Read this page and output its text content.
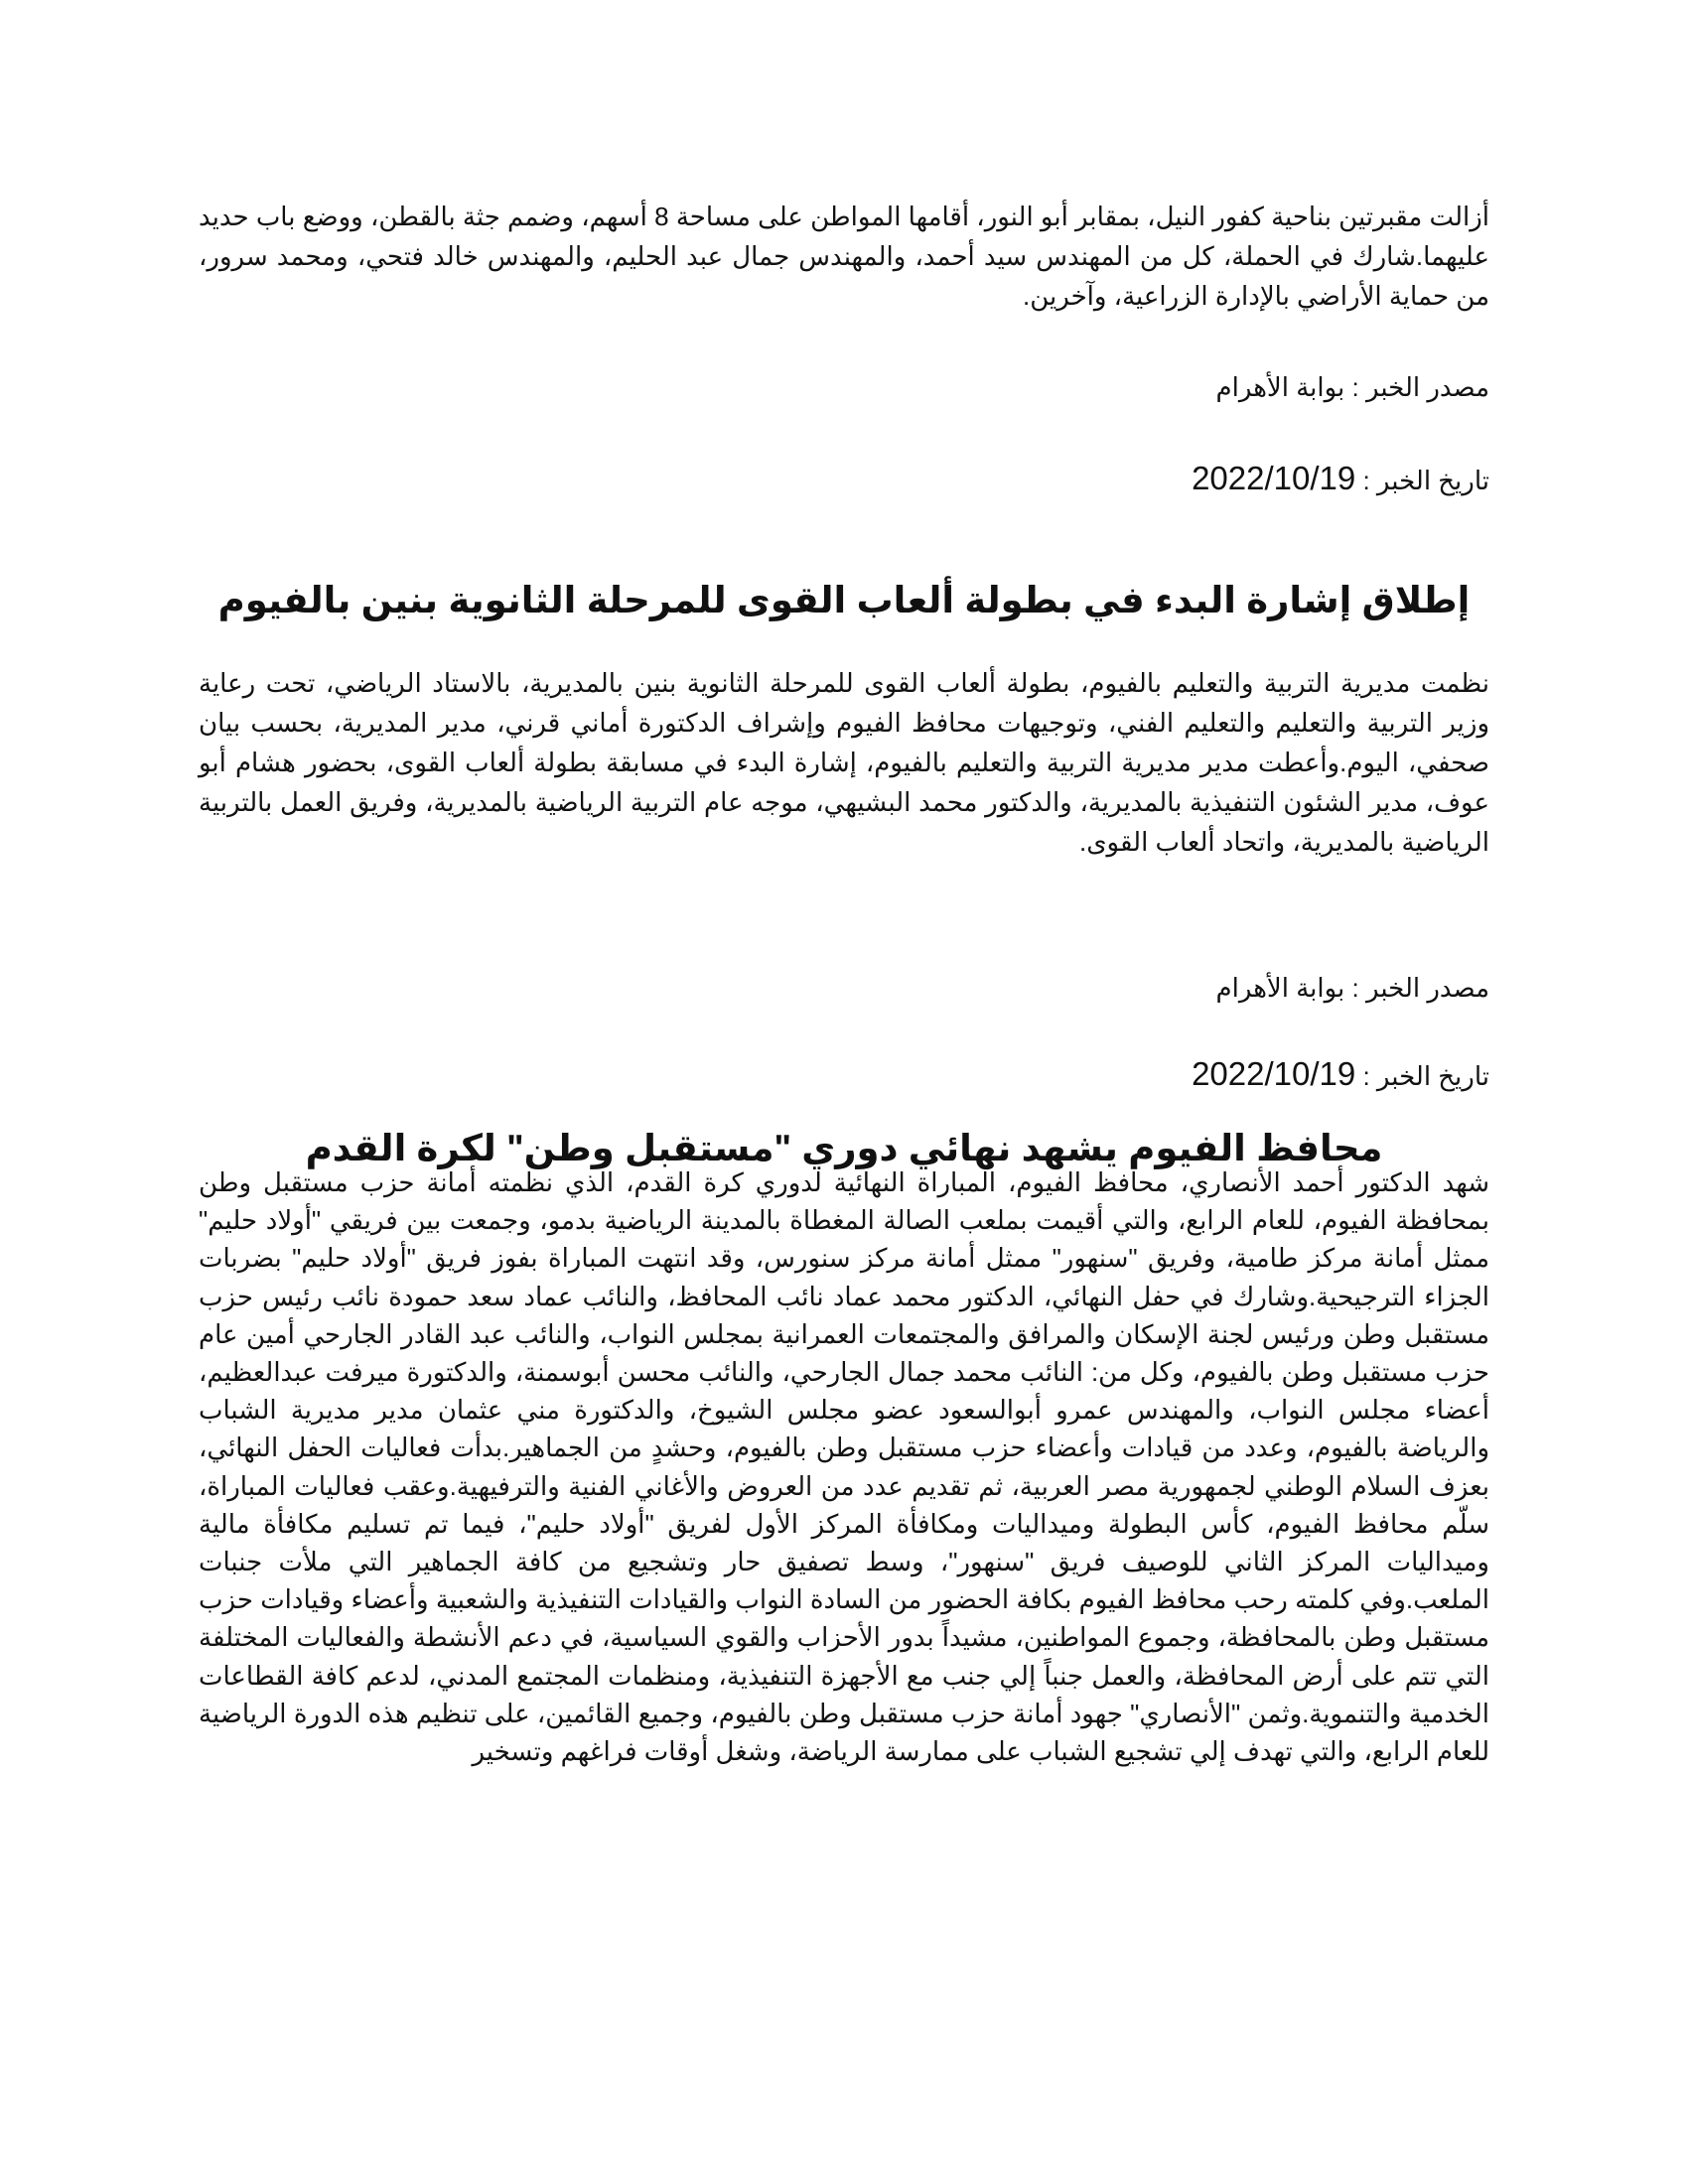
أزالت مقبرتين بناحية كفور النيل، بمقابر أبو النور، أقامها المواطن على مساحة 8 أسهم، وضمم جثة بالقطن، ووضع باب حديد عليهما.شارك في الحملة، كل من المهندس سيد أحمد، والمهندس جمال عبد الحليم، والمهندس خالد فتحي، ومحمد سرور، من حماية الأراضي بالإدارة الزراعية، وآخرين.

مصدر الخبر : بوابة الأهرام

تاريخ الخبر : 2022/10/19

إطلاق إشارة البدء في بطولة ألعاب القوى للمرحلة الثانوية بنين بالفيوم

نظمت مديرية التربية والتعليم بالفيوم، بطولة ألعاب القوى للمرحلة الثانوية بنين بالمديرية، بالاستاد الرياضي، تحت رعاية وزير التربية والتعليم والتعليم الفني، وتوجيهات محافظ الفيوم وإشراف الدكتورة أماني قرني، مدير المديرية، بحسب بيان صحفي، اليوم.وأعطت مدير مديرية التربية والتعليم بالفيوم، إشارة البدء في مسابقة بطولة ألعاب القوى، بحضور هشام أبو عوف، مدير الشئون التنفيذية بالمديرية، والدكتور محمد البشيهي، موجه عام التربية الرياضية بالمديرية، وفريق العمل بالتربية الرياضية بالمديرية، واتحاد ألعاب القوى.

مصدر الخبر : بوابة الأهرام

تاريخ الخبر : 2022/10/19

محافظ الفيوم يشهد نهائي دوري "مستقبل وطن" لكرة القدم

شهد الدكتور أحمد الأنصاري، محافظ الفيوم، المباراة النهائية لدوري كرة القدم، الذي نظمته أمانة حزب مستقبل وطن بمحافظة الفيوم، للعام الرابع، والتي أقيمت بملعب الصالة المغطاة بالمدينة الرياضية بدمو، وجمعت بين فريقي "أولاد حليم" ممثل أمانة مركز طامية، وفريق "سنهور" ممثل أمانة مركز سنورس، وقد انتهت المباراة بفوز فريق "أولاد حليم" بضربات الجزاء الترجيحية.وشارك في حفل النهائي، الدكتور محمد عماد نائب المحافظ، والنائب عماد سعد حمودة نائب رئيس حزب مستقبل وطن ورئيس لجنة الإسكان والمرافق والمجتمعات العمرانية بمجلس النواب، والنائب عبد القادر الجارحي أمين عام حزب مستقبل وطن بالفيوم، وكل من: النائب محمد جمال الجارحي، والنائب محسن أبوسمنة، والدكتورة ميرفت عبدالعظيم، أعضاء مجلس النواب، والمهندس عمرو أبوالسعود عضو مجلس الشيوخ، والدكتورة مني عثمان مدير مديرية الشباب والرياضة بالفيوم، وعدد من قيادات وأعضاء حزب مستقبل وطن بالفيوم، وحشدٍ من الجماهير.بدأت فعاليات الحفل النهائي، بعزف السلام الوطني لجمهورية مصر العربية، ثم تقديم عدد من العروض والأغاني الفنية والترفيهية.وعقب فعاليات المباراة، سلّم محافظ الفيوم، كأس البطولة وميداليات ومكافأة المركز الأول لفريق "أولاد حليم"، فيما تم تسليم مكافأة مالية وميداليات المركز الثاني للوصيف فريق "سنهور"، وسط تصفيق حار وتشجيع من كافة الجماهير التي ملأت جنبات الملعب.وفي كلمته رحب محافظ الفيوم بكافة الحضور من السادة النواب والقيادات التنفيذية والشعبية وأعضاء وقيادات حزب مستقبل وطن بالمحافظة، وجموع المواطنين، مشيداً بدور الأحزاب والقوي السياسية، في دعم الأنشطة والفعاليات المختلفة التي تتم على أرض المحافظة، والعمل جنباً إلي جنب مع الأجهزة التنفيذية، ومنظمات المجتمع المدني، لدعم كافة القطاعات الخدمية والتنموية.وثمن "الأنصاري" جهود أمانة حزب مستقبل وطن بالفيوم، وجميع القائمين، على تنظيم هذه الدورة الرياضية للعام الرابع، والتي تهدف إلي تشجيع الشباب على ممارسة الرياضة، وشغل أوقات فراغهم وتسخير
